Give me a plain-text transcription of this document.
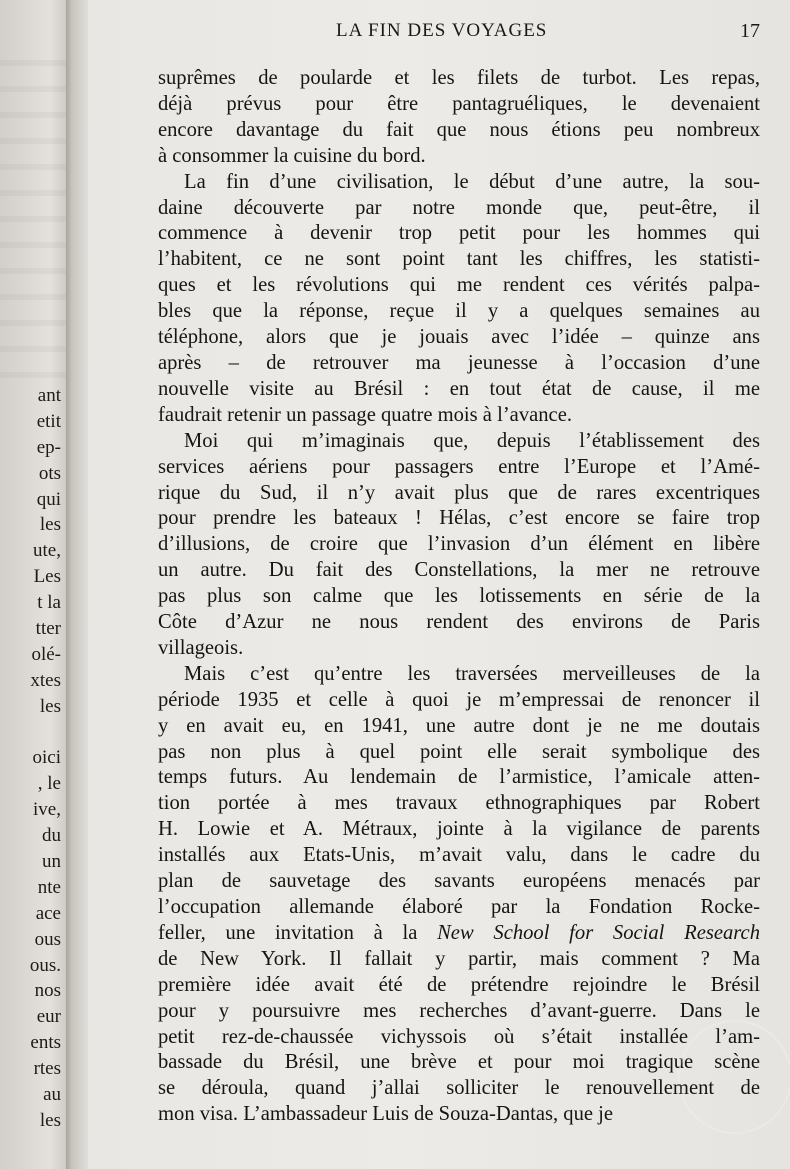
ant
etit
ep-
ots
qui
les
ute,
Les
t la
tter
olé-
xtes
les
oici
, le
ive,
du
un
nte
ace
ous
ous.
nos
eur
ents
rtes
au
les
LA FIN DES VOYAGES	17

suprêmes de poularde et les filets de turbot. Les repas,
déjà prévus pour être pantagruéliques, le devenaient
encore davantage du fait que nous étions peu nombreux
à consommer la cuisine du bord.

La fin d’une civilisation, le début d’une autre, la sou-
daine découverte par notre monde que, peut-être, il
commence à devenir trop petit pour les hommes qui
l’habitent, ce ne sont point tant les chiffres, les statisti-
ques et les révolutions qui me rendent ces vérités palpa-
bles que la réponse, reçue il y a quelques semaines au
téléphone, alors que je jouais avec l’idée – quinze ans
après – de retrouver ma jeunesse à l’occasion d’une
nouvelle visite au Brésil : en tout état de cause, il me
faudrait retenir un passage quatre mois à l’avance.

Moi qui m’imaginais que, depuis l’établissement des
services aériens pour passagers entre l’Europe et l’Amé-
rique du Sud, il n’y avait plus que de rares excentriques
pour prendre les bateaux ! Hélas, c’est encore se faire trop
d’illusions, de croire que l’invasion d’un élément en libère
un autre. Du fait des Constellations, la mer ne retrouve
pas plus son calme que les lotissements en série de la
Côte d’Azur ne nous rendent des environs de Paris
villageois.

Mais c’est qu’entre les traversées merveilleuses de la
période 1935 et celle à quoi je m’empressai de renoncer il
y en avait eu, en 1941, une autre dont je ne me doutais
pas non plus à quel point elle serait symbolique des
temps futurs. Au lendemain de l’armistice, l’amicale atten-
tion portée à mes travaux ethnographiques par Robert
H. Lowie et A. Métraux, jointe à la vigilance de parents
installés aux Etats-Unis, m’avait valu, dans le cadre du
plan de sauvetage des savants européens menacés par
l’occupation allemande élaboré par la Fondation Rocke-
feller, une invitation à la New School for Social Research
de New York. Il fallait y partir, mais comment ? Ma
première idée avait été de prétendre rejoindre le Brésil
pour y poursuivre mes recherches d’avant-guerre. Dans le
petit rez-de-chaussée vichyssois où s’était installée l’am-
bassade du Brésil, une brève et pour moi tragique scène
se déroula, quand j’allai solliciter le renouvellement de
mon visa. L’ambassadeur Luis de Souza-Dantas, que je
